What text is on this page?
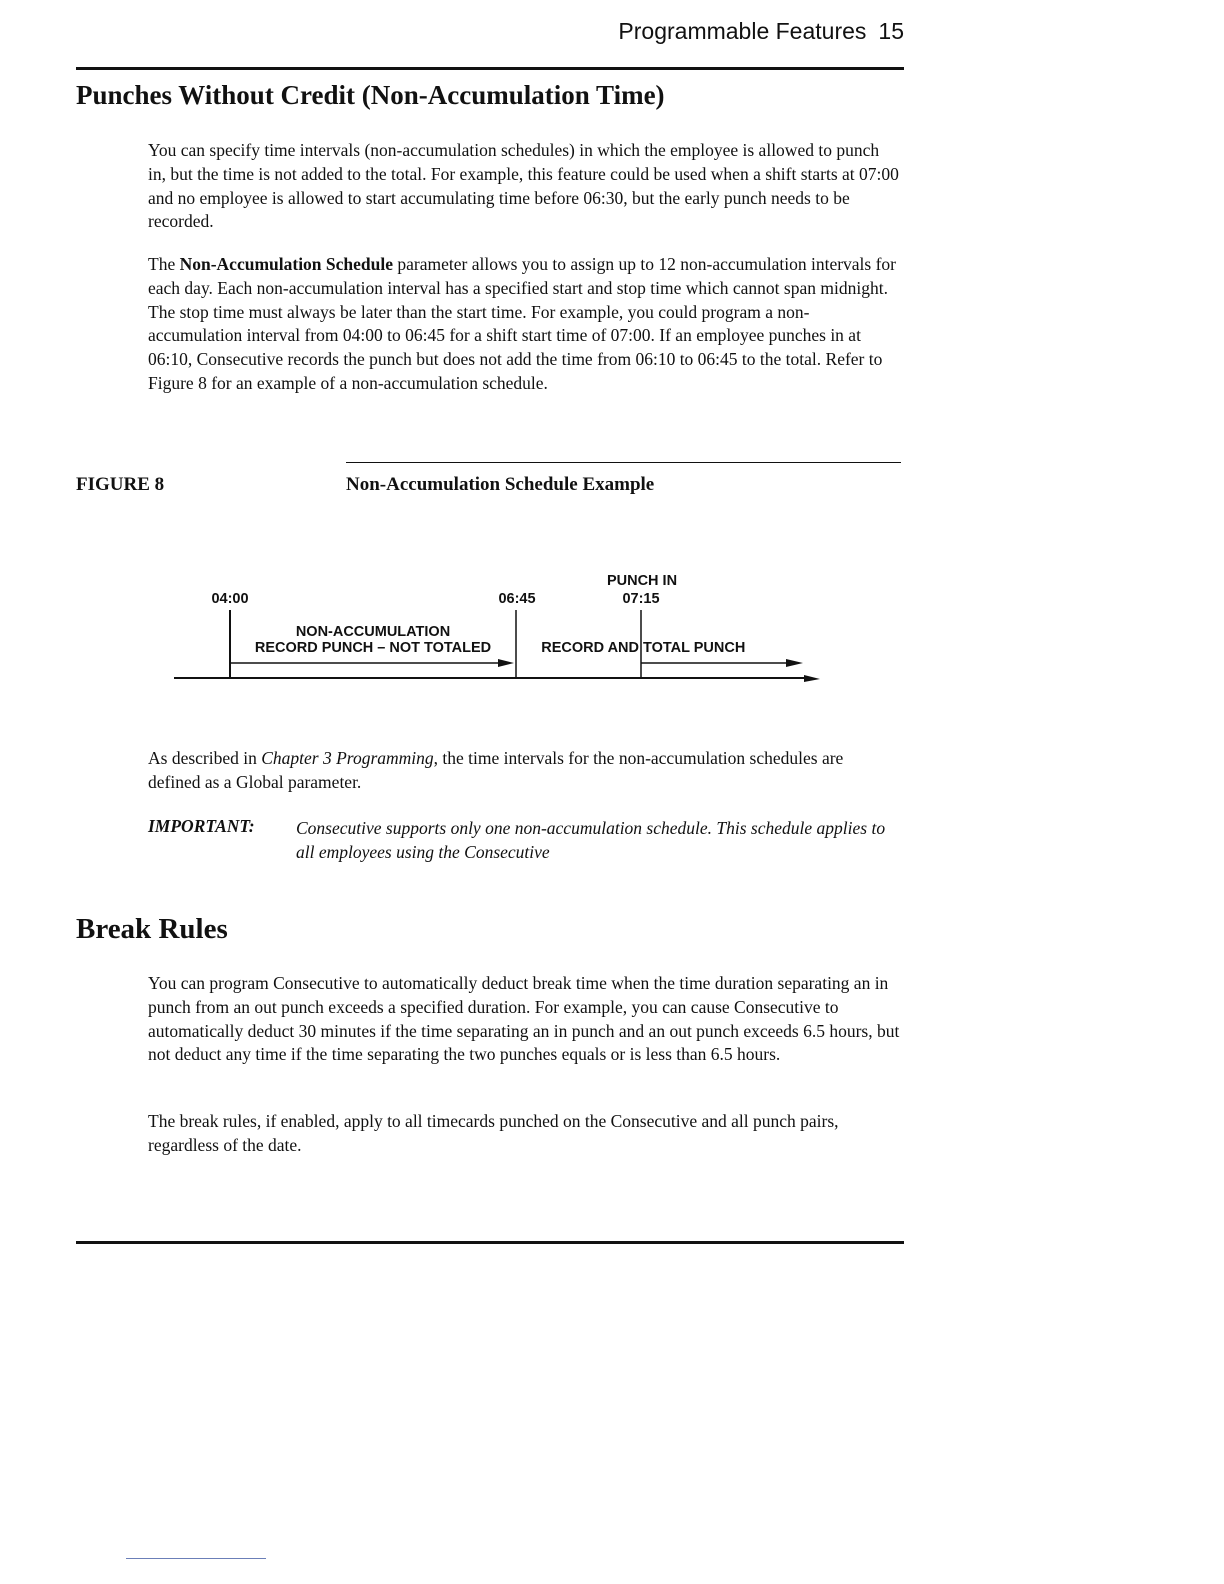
Programmable Features 15
Punches Without Credit (Non-Accumulation Time)

You can specify time intervals (non-accumulation schedules) in which the employee is allowed to punch in, but the time is not added to the total. For example, this feature could be used when a shift starts at 07:00 and no employee is allowed to start accumulating time before 06:30, but the early punch needs to be recorded.

The Non-Accumulation Schedule parameter allows you to assign up to 12 non-accumulation intervals for each day. Each non-accumulation interval has a specified start and stop time which cannot span midnight. The stop time must always be later than the start time. For example, you could program a non-accumulation interval from 04:00 to 06:45 for a shift start time of 07:00. If an employee punches in at 06:10, Consecutive records the punch but does not add the time from 06:10 to 06:45 to the total. Refer to Figure 8 for an example of a non-accumulation schedule.

FIGURE 8	Non-Accumulation Schedule Example
PUNCH IN
04:00	06:45	07:15
NON-ACCUMULATION
RECORD PUNCH – NOT TOTALED	RECORD AND TOTAL PUNCH

As described in Chapter 3 Programming, the time intervals for the non-accumulation schedules are defined as a Global parameter.

IMPORTANT: Consecutive supports only one non-accumulation schedule. This schedule applies to all employees using the Consecutive

Break Rules

You can program Consecutive to automatically deduct break time when the time duration separating an in punch from an out punch exceeds a specified duration. For example, you can cause Consecutive to automatically deduct 30 minutes if the time separating an in punch and an out punch exceeds 6.5 hours, but not deduct any time if the time separating the two punches equals or is less than 6.5 hours.

The break rules, if enabled, apply to all timecards punched on the Consecutive and all punch pairs, regardless of the date.
